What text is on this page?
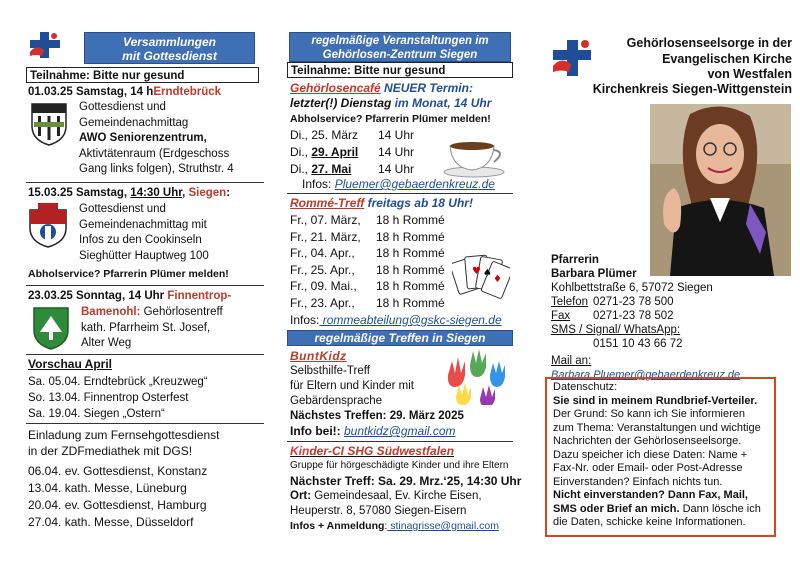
Versammlungen
mit Gottesdienst
Teilnahme: Bitte nur gesund
01.03.25 Samstag, 14 hErndtebrück
Gottesdienst und
Gemeindenachmittag
AWO Seniorenzentrum,
Aktivtätenraum (Erdgeschoss
Gang links folgen), Struthstr. 4
15.03.25 Samstag, 14:30 Uhr, Siegen:
Gottesdienst und
Gemeindenachmittag mit
Infos zu den Cookinseln
Sieghütter Hauptweg 100
Abholservice? Pfarrerin Plümer melden!
23.03.25 Sonntag, 14 Uhr Finnentrop-
Bamenohl: Gehörlosentreff
kath. Pfarrheim St. Josef,
Alter Weg
Vorschau April
Sa. 05.04. Erndtebrück „Kreuzweg“
So. 13.04. Finnentrop Osterfest
Sa. 19.04. Siegen „Ostern“
Einladung zum Fernsehgottesdienst
in der ZDFmediathek mit DGS!
06.04. ev. Gottesdienst, Konstanz
13.04. kath. Messe, Lüneburg
20.04. ev. Gottesdienst, Hamburg
27.04. kath. Messe, Düsseldorf
regelmäßige Veranstaltungen im
Gehörlosen-Zentrum Siegen
Teilnahme: Bitte nur gesund
Gehörlosencafé NEUER Termin:
letzter(!) Dienstag im Monat, 14 Uhr
Abholservice? Pfarrerin Plümer melden!
Di., 25. März	14 Uhr
Di., 29. April	14 Uhr
Di., 27. Mai	14 Uhr
Infos: Pluemer@gebaerdenkreuz.de
Rommé-Treff freitags ab 18 Uhr!
Fr., 07. März,	18 h Rommé
Fr., 21. März,	18 h Rommé
Fr., 04. Apr.,	18 h Rommé
Fr., 25. Apr.,	18 h Rommé
Fr., 09. Mai.,	18 h Rommé
Fr., 23. Apr.,	18 h Rommé
♥ ♠
♦
Infos: rommeabteilung@gskc-siegen.de
regelmäßige Treffen in Siegen
BuntKidz
Selbsthilfe-Treff
für Eltern und Kinder mit
Gebärdensprache
Nächstes Treffen: 29. März 2025
Info bei!: buntkidz@gmail.com
Kinder-CI SHG Südwestfalen
Gruppe für hörgeschädigte Kinder und ihre Eltern
Nächster Treff: Sa. 29. Mrz.‘25, 14:30 Uhr
Ort: Gemeindesaal, Ev. Kirche Eisen,
Heuperstr. 8, 57080 Siegen-Eisern
Infos + Anmeldung: stinagrisse@gmail.com
Gehörlosenseelsorge in der
Evangelischen Kirche
von Westfalen
Kirchenkreis Siegen-Wittgenstein
Pfarrerin
Barbara Plümer
Kohlbettstraße 6, 57072 Siegen
Telefon 0271-23 78 500
Fax	0271-23 78 502
SMS / Signal/ WhatsApp:
0151 10 43 66 72
Mail an:
Barbara.Pluemer@gebaerdenkreuz.de
Datenschutz:
Sie sind in meinem Rundbrief-Verteiler.
Der Grund: So kann ich Sie informieren
zum Thema: Veranstaltungen und wichtige
Nachrichten der Gehörlosenseelsorge.
Dazu speicher ich diese Daten: Name +
Fax-Nr. oder Email- oder Post-Adresse
Einverstanden? Einfach nichts tun.
Nicht einverstanden? Dann Fax, Mail,
SMS oder Brief an mich. Dann lösche ich
die Daten, schicke keine Informationen.
